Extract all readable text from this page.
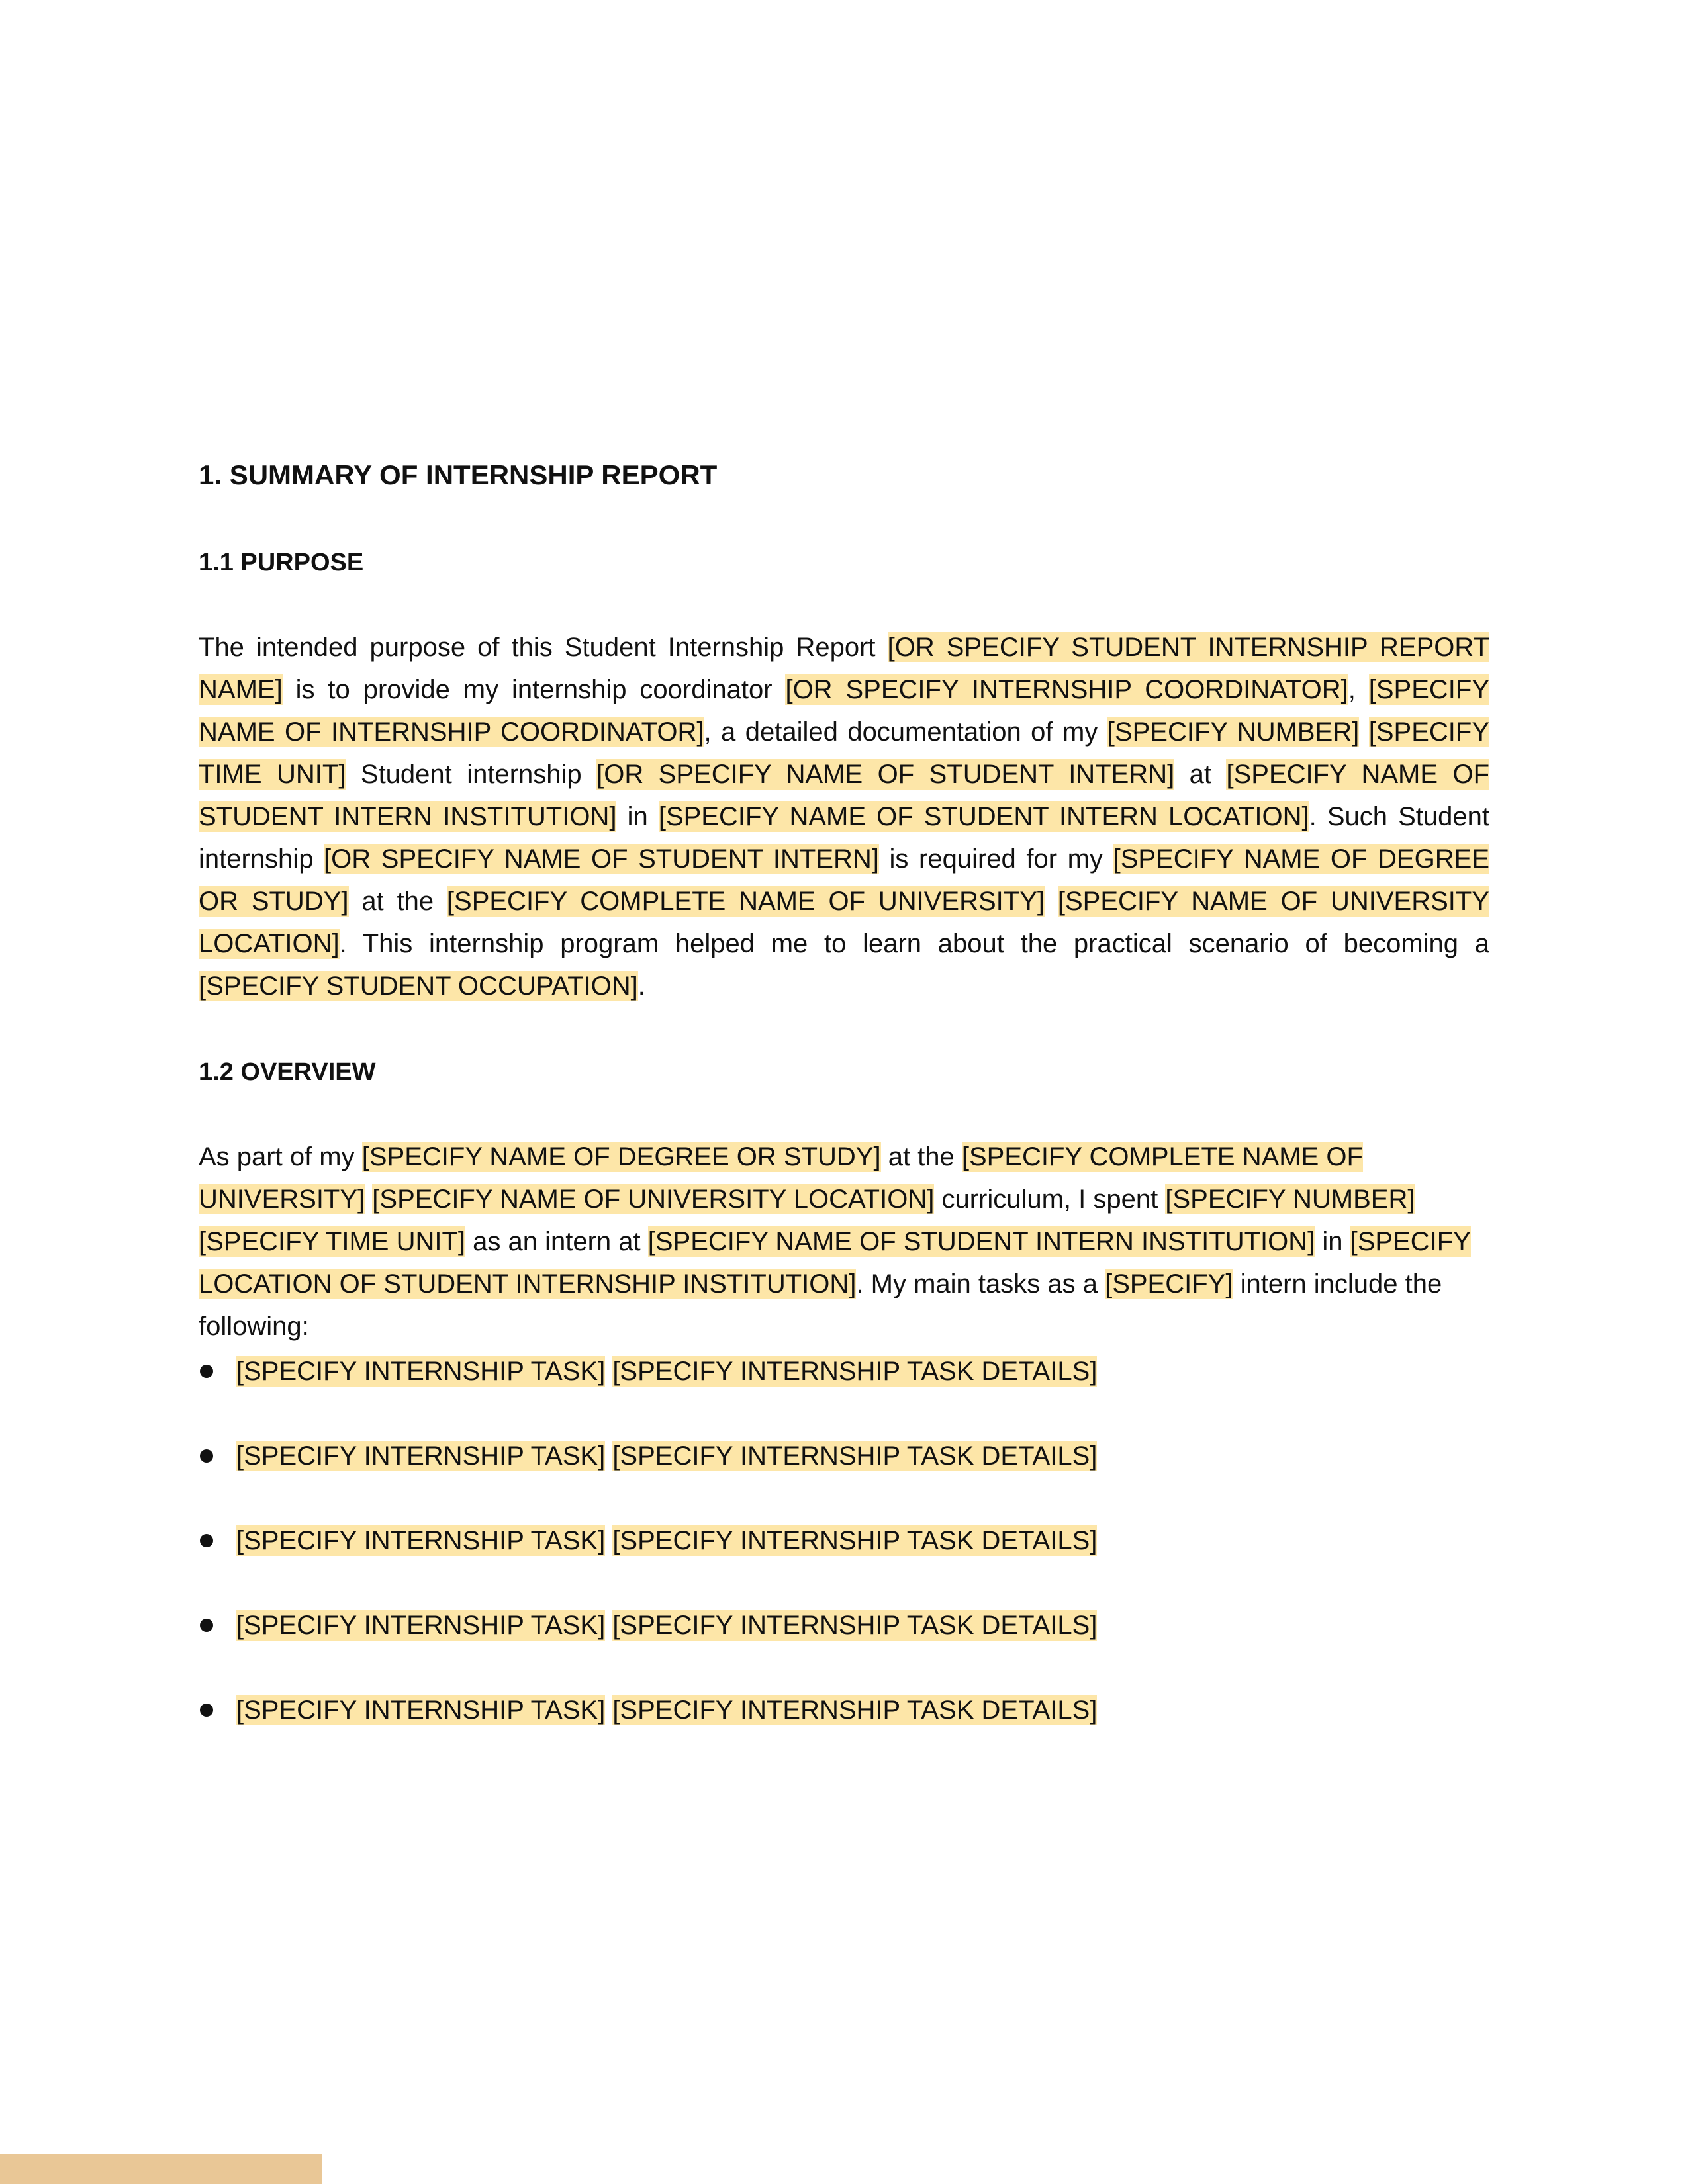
1. SUMMARY OF INTERNSHIP REPORT
1.1 PURPOSE

The intended purpose of this Student Internship Report [OR SPECIFY STUDENT INTERNSHIP REPORT NAME] is to provide my internship coordinator [OR SPECIFY INTERNSHIP COORDINATOR], [SPECIFY NAME OF INTERNSHIP COORDINATOR], a detailed documentation of my [SPECIFY NUMBER] [SPECIFY TIME UNIT] Student internship [OR SPECIFY NAME OF STUDENT INTERN] at [SPECIFY NAME OF STUDENT INTERN INSTITUTION] in [SPECIFY NAME OF STUDENT INTERN LOCATION]. Such Student internship [OR SPECIFY NAME OF STUDENT INTERN] is required for my [SPECIFY NAME OF DEGREE OR STUDY] at the [SPECIFY COMPLETE NAME OF UNIVERSITY] [SPECIFY NAME OF UNIVERSITY LOCATION]. This internship program helped me to learn about the practical scenario of becoming a [SPECIFY STUDENT OCCUPATION].

1.2 OVERVIEW

As part of my [SPECIFY NAME OF DEGREE OR STUDY] at the [SPECIFY COMPLETE NAME OF UNIVERSITY] [SPECIFY NAME OF UNIVERSITY LOCATION] curriculum, I spent [SPECIFY NUMBER] [SPECIFY TIME UNIT] as an intern at [SPECIFY NAME OF STUDENT INTERN INSTITUTION] in [SPECIFY LOCATION OF STUDENT INTERNSHIP INSTITUTION]. My main tasks as a [SPECIFY] intern include the following:

[SPECIFY INTERNSHIP TASK] [SPECIFY INTERNSHIP TASK DETAILS]
[SPECIFY INTERNSHIP TASK] [SPECIFY INTERNSHIP TASK DETAILS]
[SPECIFY INTERNSHIP TASK] [SPECIFY INTERNSHIP TASK DETAILS]
[SPECIFY INTERNSHIP TASK] [SPECIFY INTERNSHIP TASK DETAILS]
[SPECIFY INTERNSHIP TASK] [SPECIFY INTERNSHIP TASK DETAILS]
